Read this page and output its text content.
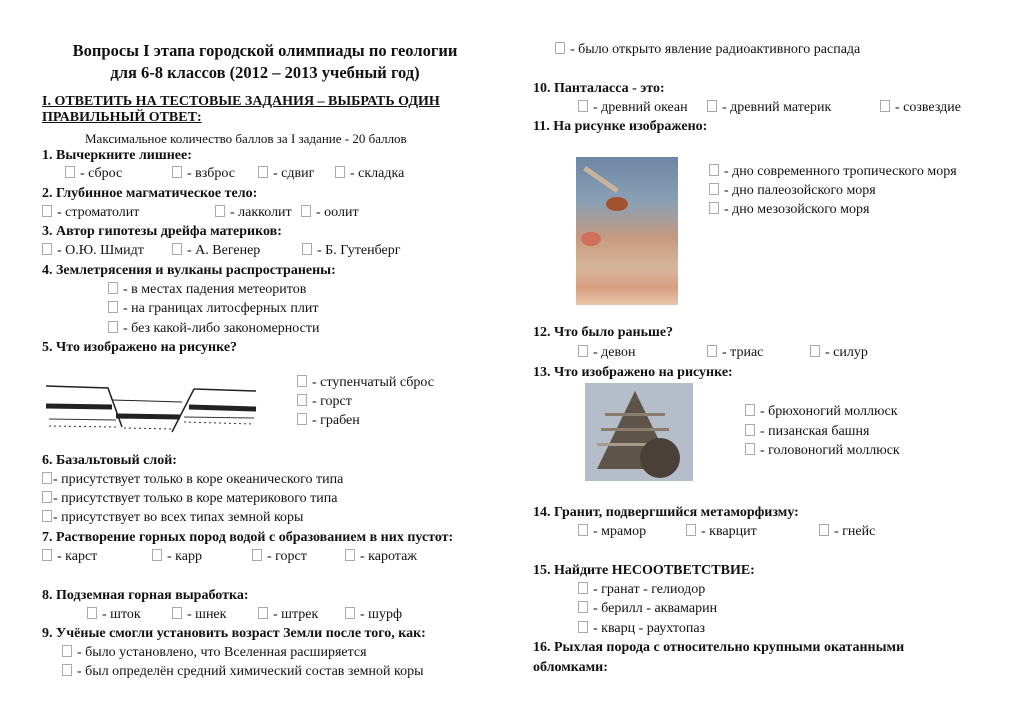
Вопросы I этапа городской олимпиады по геологии
для 6-8 классов (2012 – 2013 учебный год)
I. ОТВЕТИТЬ НА ТЕСТОВЫЕ ЗАДАНИЯ – ВЫБРАТЬ ОДИН
ПРАВИЛЬНЫЙ ОТВЕТ:
Максимальное количество баллов за I задание - 20 баллов
1. Вычеркните лишнее:
- сброс	- взброс	- сдвиг	- складка
2. Глубинное магматическое тело:
- строматолит	- лакколит	- оолит
3. Автор гипотезы дрейфа материков:
- О.Ю. Шмидт	- А. Вегенер	- Б. Гутенберг
4. Землетрясения и вулканы распространены:
- в местах падения метеоритов
- на границах литосферных плит
- без какой-либо закономерности
5. Что изображено на рисунке?
- ступенчатый сброс
- горст
- грабен
6. Базальтовый слой:
- присутствует только в коре океанического типа
- присутствует только в коре материкового типа
- присутствует во всех типах земной коры
7. Растворение горных пород водой с образованием в них пустот:
- карст	- карр	- горст	- каротаж
8. Подземная горная выработка:
- шток	- шнек	- штрек	- шурф
9. Учёные смогли установить возраст Земли после того, как:
- было установлено, что Вселенная расширяется
- был определён средний химический состав земной коры
- было открыто явление радиоактивного распада
10. Панталасса - это:
- древний океан	- древний материк	- созвездие
11. На рисунке изображено:
- дно современного тропического моря
- дно палеозойского моря
- дно мезозойского моря
12. Что было раньше?
- девон	- триас	- силур
13. Что изображено на рисунке:
- брюхоногий моллюск
- пизанская башня
- головоногий моллюск
14. Гранит, подвергшийся метаморфизму:
- мрамор	- кварцит	- гнейс
15. Найдите НЕСООТВЕТСТВИЕ:
- гранат - гелиодор
- берилл - аквамарин
- кварц - раухтопаз
16. Рыхлая порода с относительно крупными окатанными
обломками:
